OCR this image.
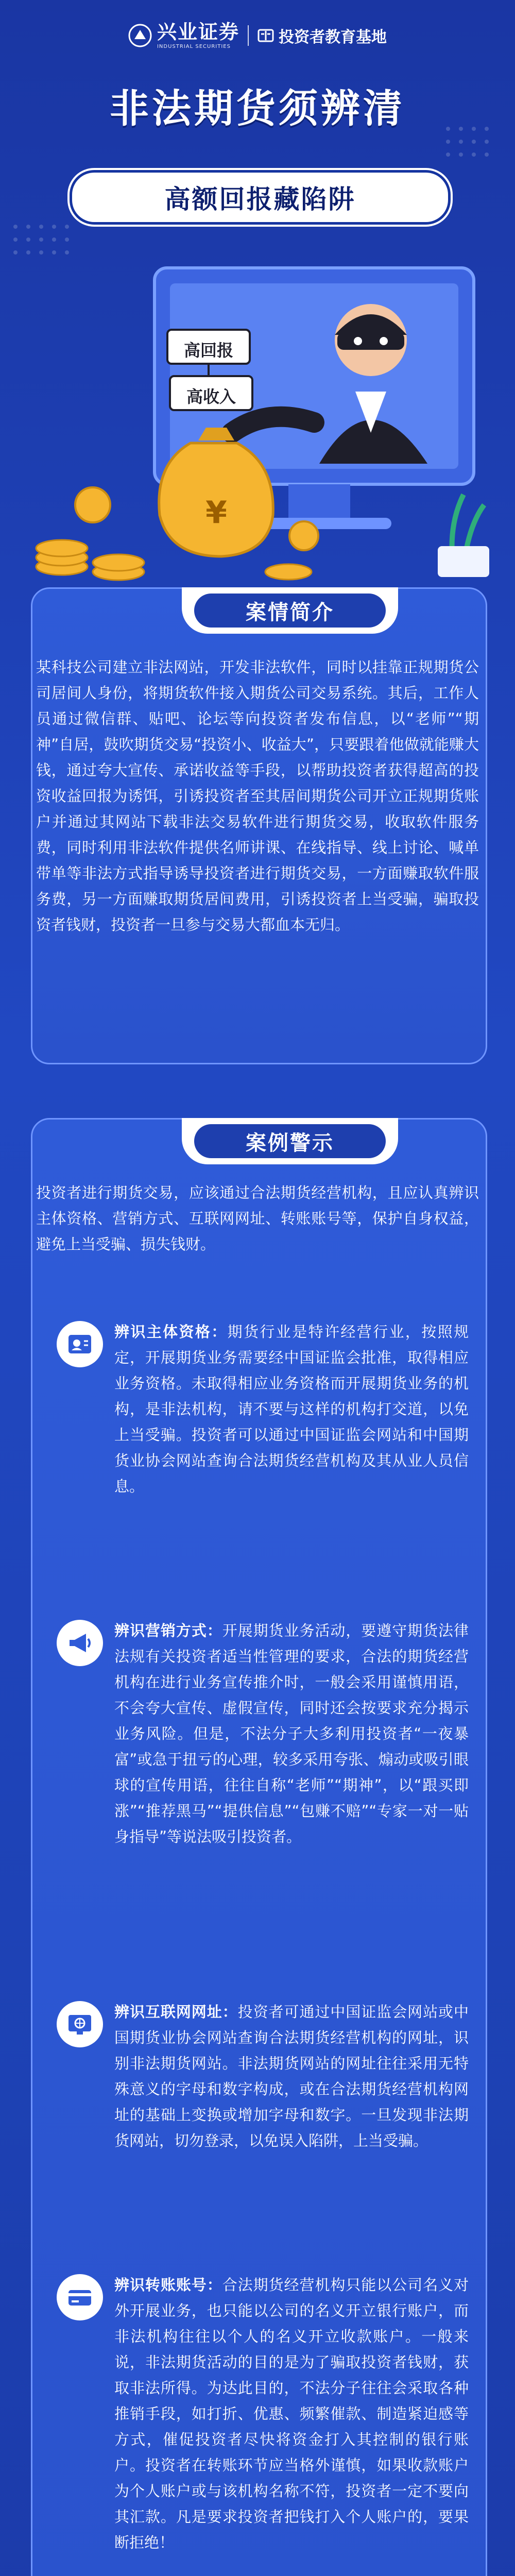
兴业证券
INDUSTRIAL SECURITIES	投资者教育基地
非法期货须辨清
高额回报藏陷阱
高回报
高收入
¥
案情简介
某科技公司建立非法网站，开发非法软件，同时以挂靠正规期货公司居间人身份，将期货软件接入期货公司交易系统。其后，工作人员通过微信群、贴吧、论坛等向投资者发布信息，以“老师”“期神”自居，鼓吹期货交易“投资小、收益大”，只要跟着他做就能赚大钱，通过夸大宣传、承诺收益等手段，以帮助投资者获得超高的投资收益回报为诱饵，引诱投资者至其居间期货公司开立正规期货账户并通过其网站下载非法交易软件进行期货交易，收取软件服务费，同时利用非法软件提供名师讲课、在线指导、线上讨论、喊单带单等非法方式指导诱导投资者进行期货交易，一方面赚取软件服务费，另一方面赚取期货居间费用，引诱投资者上当受骗，骗取投资者钱财，投资者一旦参与交易大都血本无归。
案例警示
投资者进行期货交易，应该通过合法期货经营机构，且应认真辨识主体资格、营销方式、互联网网址、转账账号等，保护自身权益，避免上当受骗、损失钱财。
辨识主体资格：期货行业是特许经营行业，按照规定，开展期货业务需要经中国证监会批准，取得相应业务资格。未取得相应业务资格而开展期货业务的机构，是非法机构，请不要与这样的机构打交道，以免上当受骗。投资者可以通过中国证监会网站和中国期货业协会网站查询合法期货经营机构及其从业人员信息。
辨识营销方式：开展期货业务活动，要遵守期货法律法规有关投资者适当性管理的要求，合法的期货经营机构在进行业务宣传推介时，一般会采用谨慎用语，不会夸大宣传、虚假宣传，同时还会按要求充分揭示业务风险。但是，不法分子大多利用投资者“一夜暴富”或急于扭亏的心理，较多采用夸张、煽动或吸引眼球的宣传用语，往往自称“老师”“期神”，以“跟买即涨”“推荐黑马”“提供信息”“包赚不赔”“专家一对一贴身指导”等说法吸引投资者。
辨识互联网网址：投资者可通过中国证监会网站或中国期货业协会网站查询合法期货经营机构的网址，识别非法期货网站。非法期货网站的网址往往采用无特殊意义的字母和数字构成，或在合法期货经营机构网址的基础上变换或增加字母和数字。一旦发现非法期货网站，切勿登录，以免误入陷阱，上当受骗。
辨识转账账号：合法期货经营机构只能以公司名义对外开展业务，也只能以公司的名义开立银行账户，而非法机构往往以个人的名义开立收款账户。一般来说，非法期货活动的目的是为了骗取投资者钱财，获取非法所得。为达此目的，不法分子往往会采取各种推销手段，如打折、优惠、频繁催款、制造紧迫感等方式，催促投资者尽快将资金打入其控制的银行账户。投资者在转账环节应当格外谨慎，如果收款账户为个人账户或与该机构名称不符，投资者一定不要向其汇款。凡是要求投资者把钱打入个人账户的，要果断拒绝！
